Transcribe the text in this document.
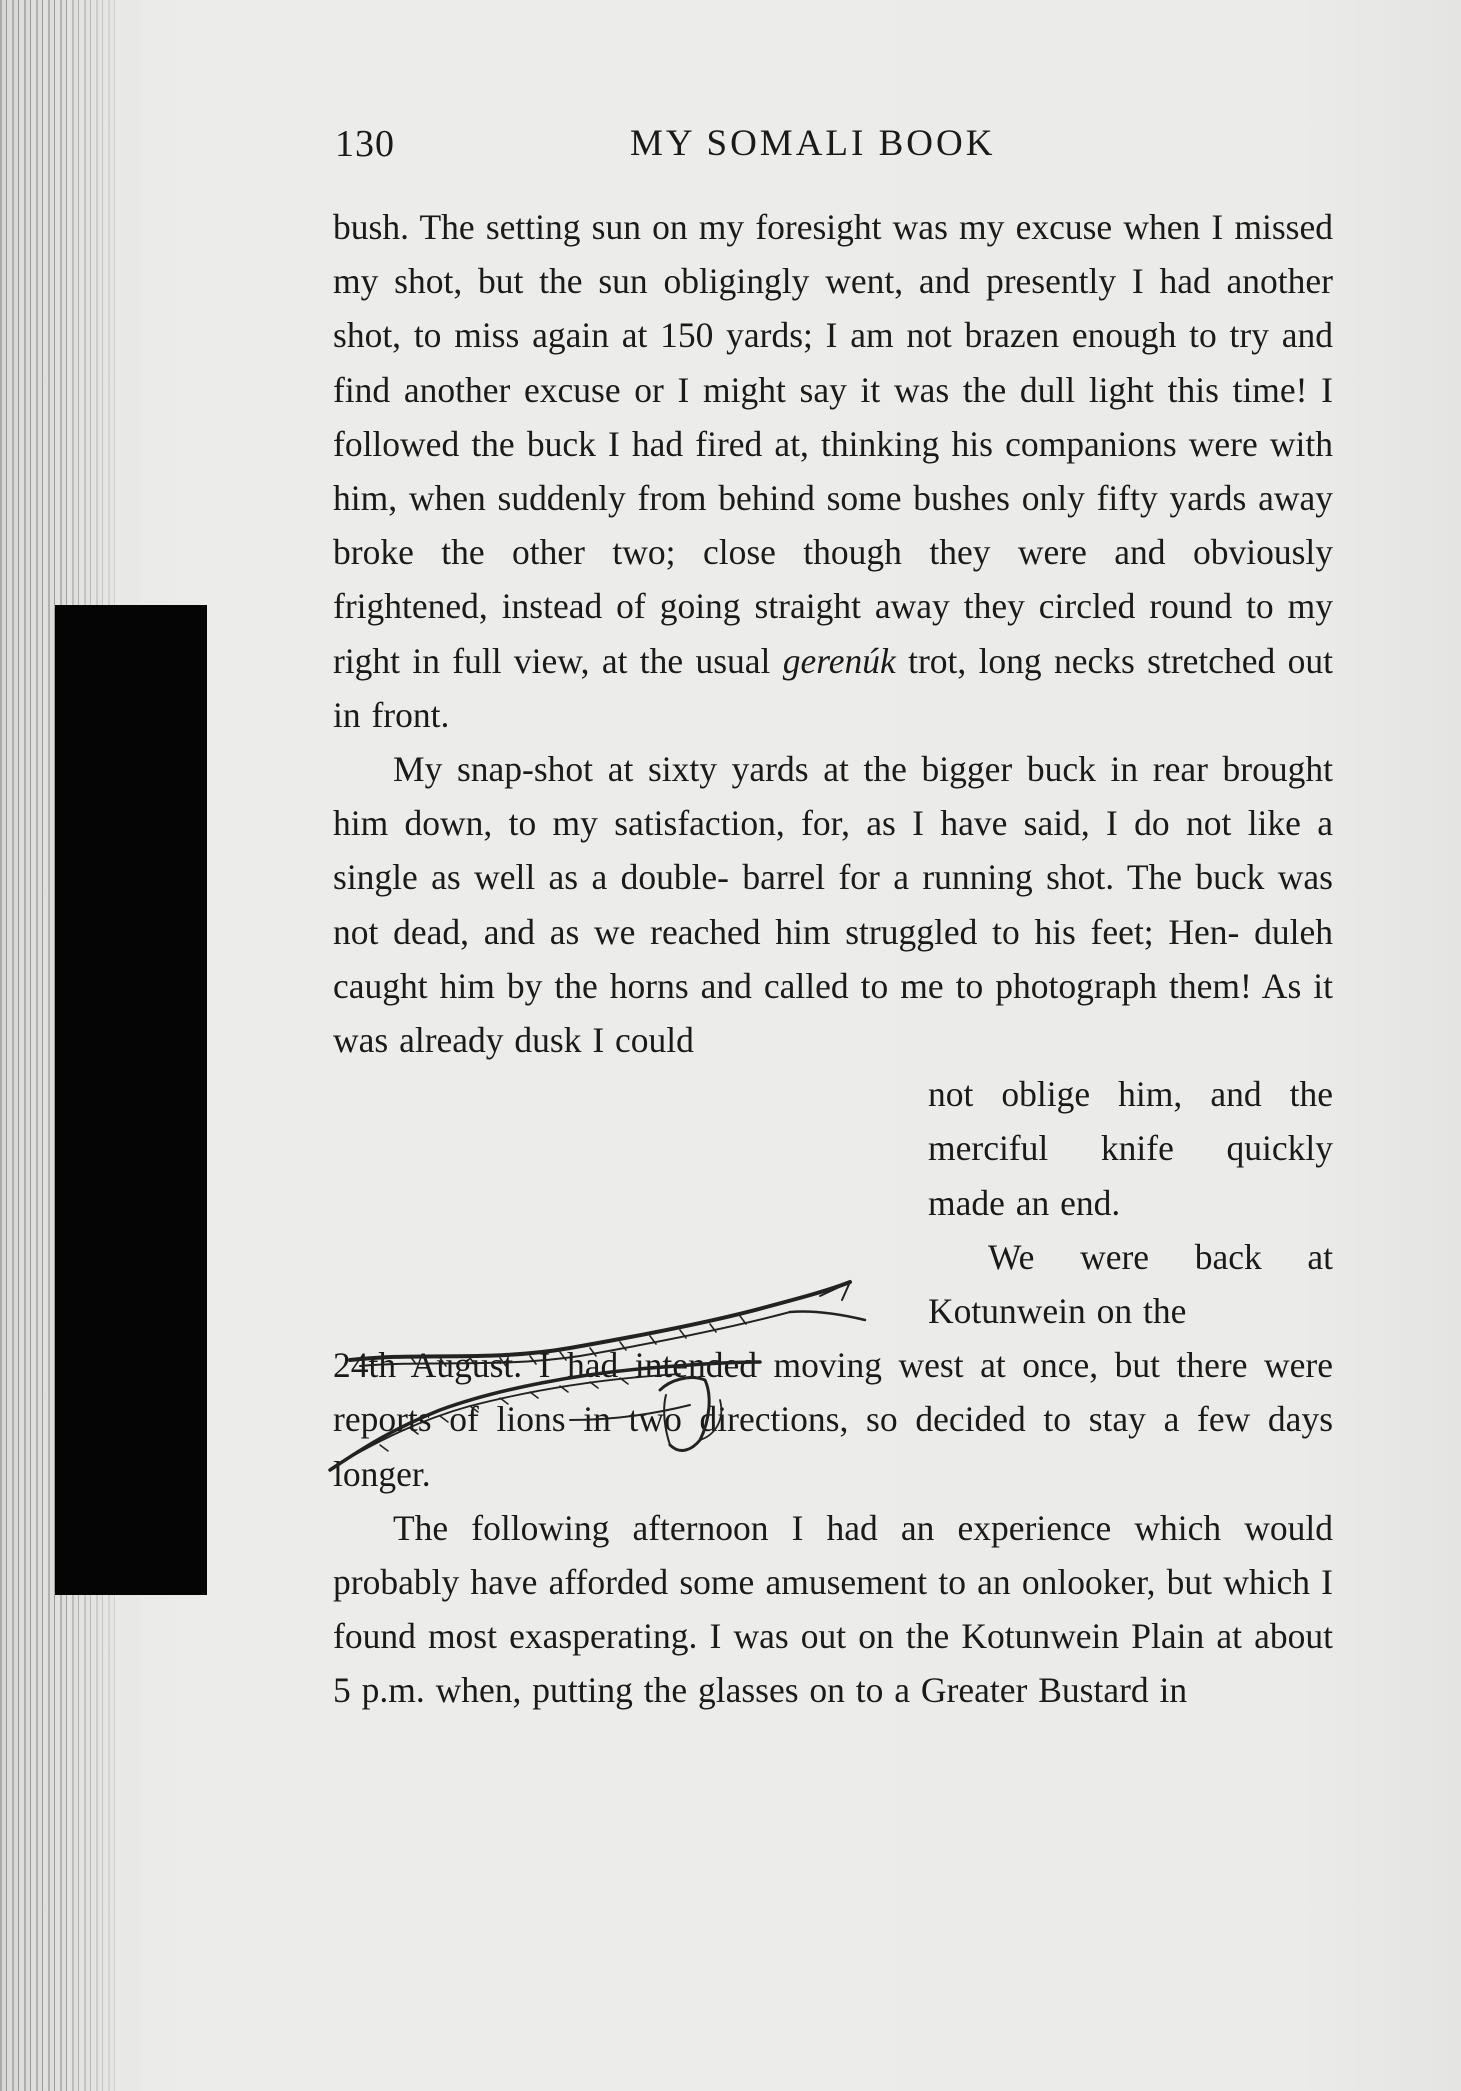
130	MY SOMALI BOOK

bush. The setting sun on my foresight was my excuse when I missed my shot, but the sun obligingly went, and presently I had another shot, to miss again at 150 yards; I am not brazen enough to try and find another excuse or I might say it was the dull light this time! I followed the buck I had fired at, thinking his companions were with him, when suddenly from behind some bushes only fifty yards away broke the other two; close though they were and obviously frightened, instead of going straight away they circled round to my right in full view, at the usual gerenúk trot, long necks stretched out in front.

My snap-shot at sixty yards at the bigger buck in rear brought him down, to my satisfaction, for, as I have said, I do not like a single as well as a double- barrel for a running shot. The buck was not dead, and as we reached him struggled to his feet; Hen- duleh caught him by the horns and called to me to photograph them! As it was already dusk I could

not oblige him, and the merciful knife quickly made an end.

We were back at Kotunwein on the

24th August. I had intended moving west at once, but there were reports of lions in two directions, so decided to stay a few days longer.

The following afternoon I had an experience which would probably have afforded some amusement to an onlooker, but which I found most exasperating. I was out on the Kotunwein Plain at about 5 p.m. when, putting the glasses on to a Greater Bustard in
